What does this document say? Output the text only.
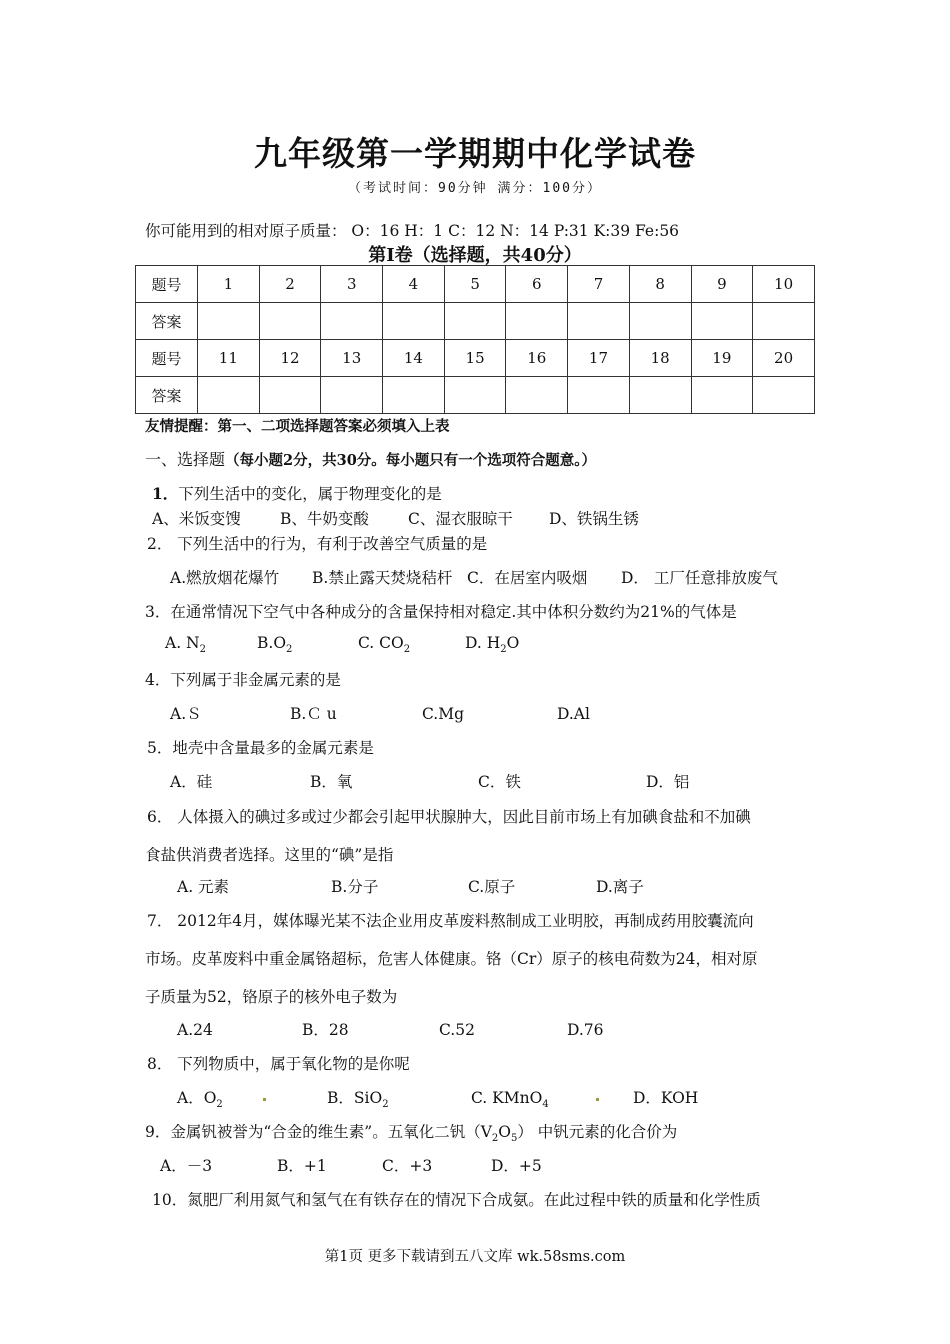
九年级第一学期期中化学试卷
（考试时间：90分钟 满分：100分）
你可能用到的相对原子质量： O：16 H：1 C：12 N：14 P:31 K:39 Fe:56
第Ⅰ卷（选择题，共40分）
题号	1	2	3	4	5	6	7	8	9	10
答案										
题号	11	12	13	14	15	16	17	18	19	20
答案										
友情提醒：第一、二项选择题答案必须填入上表
一、选择题（每小题2分，共30分。每小题只有一个选项符合题意。）
1．下列生活中的变化，属于物理变化的是
A、米饭变馊	B、牛奶变酸	C、湿衣服晾干 D、铁锅生锈
2． 下列生活中的行为，有利于改善空气质量的是
A.燃放烟花爆竹 B.禁止露天焚烧秸杆 C．在居室内吸烟 D． 工厂任意排放废气
3．在通常情况下空气中各种成分的含量保持相对稳定.其中体积分数约为21%的气体是
A. $N_2$	$B.O_2$	C. $CO_2$	D. $H_2O$
4．下列属于非金属元素的是
A.Ｓ	B.Ｃ u	C.Mg	D.Al
5．地壳中含量最多的金属元素是
A．硅	B．氧	C．铁	D．铝
6． 人体摄入的碘过多或过少都会引起甲状腺肿大，因此目前市场上有加碘食盐和不加碘
食盐供消费者选择。这里的“碘”是指
A. 元素	B.分子	C.原子	D.离子
7． 2012年4月，媒体曝光某不法企业用皮革废料熬制成工业明胶，再制成药用胶囊流向
市场。皮革废料中重金属铬超标，危害人体健康。铬（Cr）原子的核电荷数为24，相对原
子质量为52，铬原子的核外电子数为
A.24	B．28	C.52	D.76
8． 下列物质中，属于氧化物的是你呢
A．$O_2$	B．SiO$_2$	C. KMnO$_4$	D．KOH
9．金属钒被誉为“合金的维生素”。五氧化二钒$(V_2O_5)$ 中钒元素的化合价为
A．－3	B．+1	C．+3	D．+5
10．氮肥厂利用氮气和氢气在有铁存在的情况下合成氨。在此过程中铁的质量和化学性质
第1页 更多下载请到五八文库 wk.58sms.com
